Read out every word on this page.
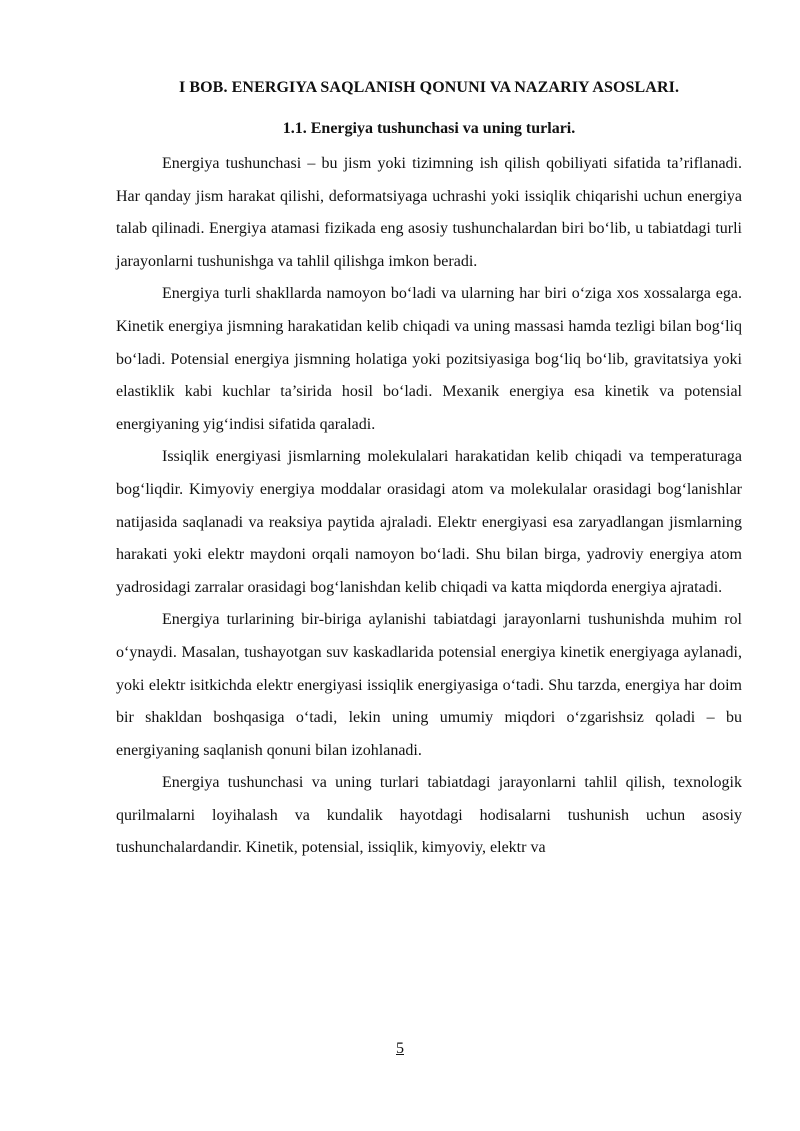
I BOB. ENERGIYA SAQLANISH QONUNI VA NAZARIY ASOSLARI.
1.1. Energiya tushunchasi va uning turlari.

Energiya tushunchasi – bu jism yoki tizimning ish qilish qobiliyati sifatida ta’riflanadi. Har qanday jism harakat qilishi, deformatsiyaga uchrashi yoki issiqlik chiqarishi uchun energiya talab qilinadi. Energiya atamasi fizikada eng asosiy tushunchalardan biri bo‘lib, u tabiatdagi turli jarayonlarni tushunishga va tahlil qilishga imkon beradi.

Energiya turli shakllarda namoyon bo‘ladi va ularning har biri o‘ziga xos xossalarga ega. Kinetik energiya jismning harakatidan kelib chiqadi va uning massasi hamda tezligi bilan bog‘liq bo‘ladi. Potensial energiya jismning holatiga yoki pozitsiyasiga bog‘liq bo‘lib, gravitatsiya yoki elastiklik kabi kuchlar ta’sirida hosil bo‘ladi. Mexanik energiya esa kinetik va potensial energiyaning yig‘indisi sifatida qaraladi.

Issiqlik energiyasi jismlarning molekulalari harakatidan kelib chiqadi va temperaturaga bog‘liqdir. Kimyoviy energiya moddalar orasidagi atom va molekulalar orasidagi bog‘lanishlar natijasida saqlanadi va reaksiya paytida ajraladi. Elektr energiyasi esa zaryadlangan jismlarning harakati yoki elektr maydoni orqali namoyon bo‘ladi. Shu bilan birga, yadroviy energiya atom yadrosidagi zarralar orasidagi bog‘lanishdan kelib chiqadi va katta miqdorda energiya ajratadi.

Energiya turlarining bir-biriga aylanishi tabiatdagi jarayonlarni tushunishda muhim rol o‘ynaydi. Masalan, tushayotgan suv kaskadlarida potensial energiya kinetik energiyaga aylanadi, yoki elektr isitkichda elektr energiyasi issiqlik energiyasiga o‘tadi. Shu tarzda, energiya har doim bir shakldan boshqasiga o‘tadi, lekin uning umumiy miqdori o‘zgarishsiz qoladi – bu energiyaning saqlanish qonuni bilan izohlanadi.

Energiya tushunchasi va uning turlari tabiatdagi jarayonlarni tahlil qilish, texnologik qurilmalarni loyihalash va kundalik hayotdagi hodisalarni tushunish uchun asosiy tushunchalardandir. Kinetik, potensial, issiqlik, kimyoviy, elektr va

5
